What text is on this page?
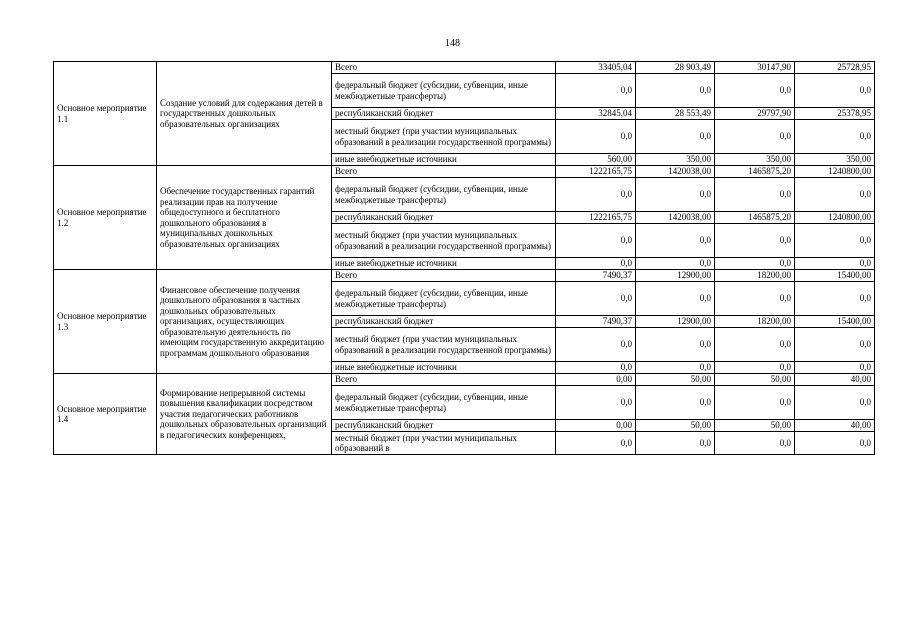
148
Основное мероприятие 1.1	Создание условий для содержания детей в государственных дошкольных образовательных организациях	Всего	33405,04	28 903,49	30147,90	25728,95
		федеральный бюджет (субсидии, субвенции, иные межбюджетные трансферты)	0,0	0,0	0,0	0,0
		республиканский бюджет	32845,04	28 553,49	29797,90	25378,95
		местный бюджет (при участии муниципальных образований в реализации государственной программы)	0,0	0,0	0,0	0,0
		иные внебюджетные источники	560,00	350,00	350,00	350,00
Основное мероприятие 1.2	Обеспечение государственных гарантий реализации прав на получение общедоступного и бесплатного дошкольного образования в муниципальных дошкольных образовательных организациях	Всего	1222165,75	1420038,00	1465875,20	1240800,00
		федеральный бюджет (субсидии, субвенции, иные межбюджетные трансферты)	0,0	0,0	0,0	0,0
		республиканский бюджет	1222165,75	1420038,00	1465875,20	1240800,00
		местный бюджет (при участии муниципальных образований в реализации государственной программы)	0,0	0,0	0,0	0,0
		иные внебюджетные источники	0,0	0,0	0,0	0,0
Основное мероприятие 1.3	Финансовое обеспечение получения дошкольного образования в частных дошкольных образовательных организациях, осуществляющих образовательную деятельность по имеющим государственную аккредитацию программам дошкольного образования	Всего	7490,37	12900,00	18200,00	15400,00
		федеральный бюджет (субсидии, субвенции, иные межбюджетные трансферты)	0,0	0,0	0,0	0,0
		республиканский бюджет	7490,37	12900,00	18200,00	15400,00
		местный бюджет (при участии муниципальных образований в реализации государственной программы)	0,0	0,0	0,0	0,0
		иные внебюджетные источники	0,0	0,0	0,0	0,0
Основное мероприятие 1.4	Формирование непрерывной системы повышения квалификации посредством участия педагогических работников дошкольных образовательных организаций в педагогических конференциях,	Всего	0,00	50,00	50,00	40,00
		федеральный бюджет (субсидии, субвенции, иные межбюджетные трансферты)	0,0	0,0	0,0	0,0
		республиканский бюджет	0,00	50,00	50,00	40,00
		местный бюджет (при участии муниципальных образований в	0,0	0,0	0,0	0,0
